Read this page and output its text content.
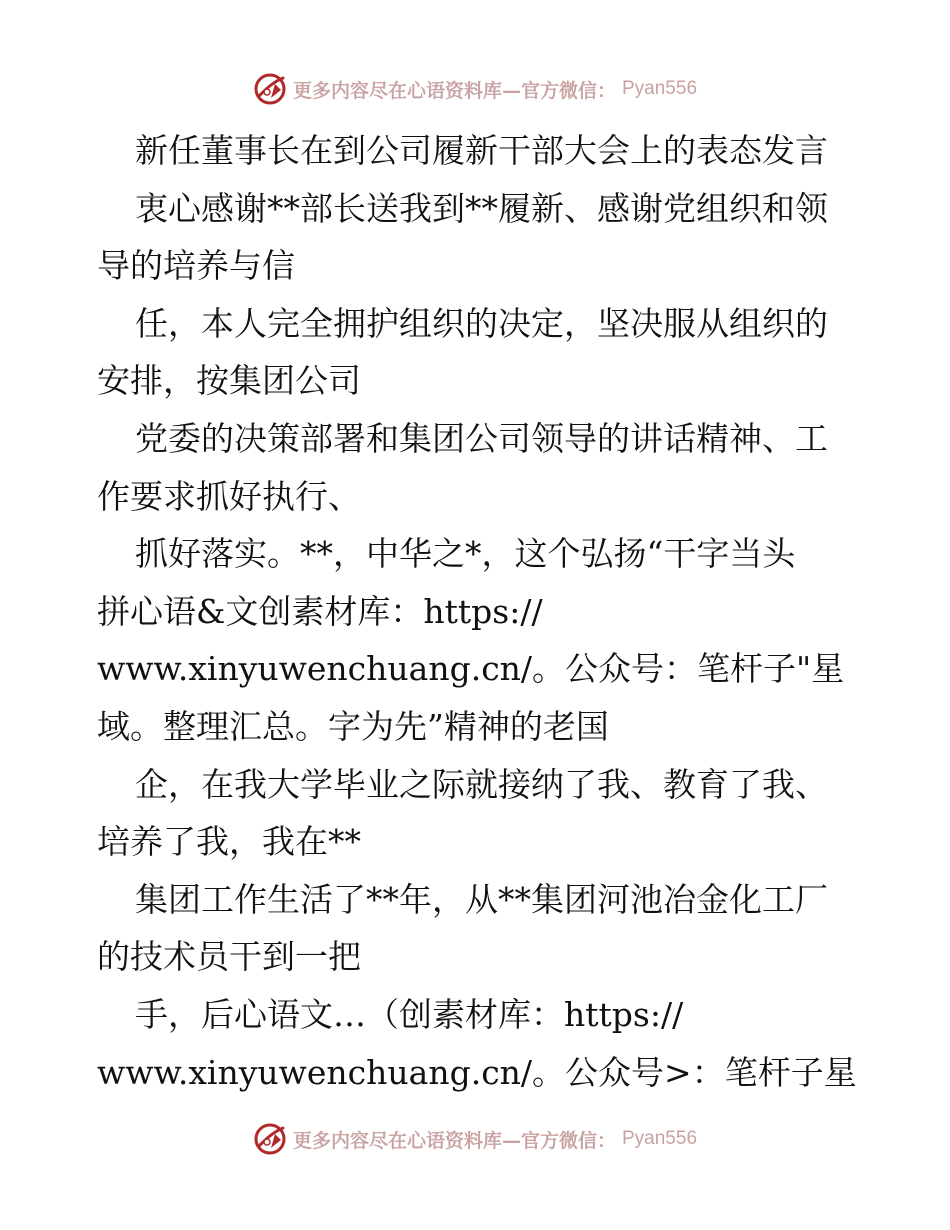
更多内容尽在心语资料库—官方微信： Pyan556
新任董事长在到公司履新干部大会上的表态发言
衷心感谢**部长送我到**履新、感谢党组织和领
导的培养与信
任，本人完全拥护组织的决定，坚决服从组织的
安排，按集团公司
党委的决策部署和集团公司领导的讲话精神、工
作要求抓好执行、
抓好落实。**，中华之*，这个弘扬“干字当头
拼心语&文创素材库：https://
www.xinyuwenchuang.cn/。公众号：笔杆子"星
域。整理汇总。字为先”精神的老国
企，在我大学毕业之际就接纳了我、教育了我、
培养了我，我在**
集团工作生活了**年，从**集团河池冶金化工厂
的技术员干到一把
手，后心语文…（创素材库：https://
www.xinyuwenchuang.cn/。公众号>：笔杆子星
更多内容尽在心语资料库—官方微信： Pyan556
